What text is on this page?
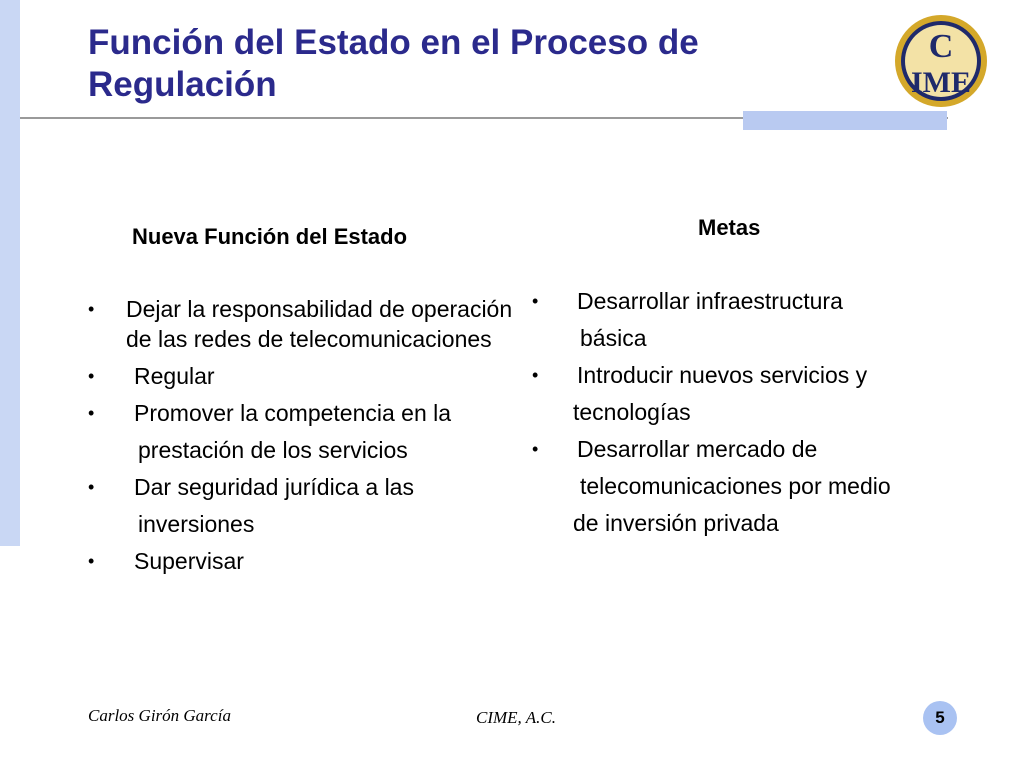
Función del Estado en el Proceso de Regulación
C
IME
Nueva Función del Estado	Metas
•	Dejar la responsabilidad de operación de las redes de telecomunicaciones
•	Regular
•	Promover la competencia en la
prestación de los servicios
•	Dar seguridad jurídica a las
inversiones
•	Supervisar
•	Desarrollar infraestructura
básica
•	Introducir nuevos servicios y
tecnologías
•	Desarrollar mercado de
telecomunicaciones por medio
de inversión privada
Carlos Girón García	CIME, A.C.	5
